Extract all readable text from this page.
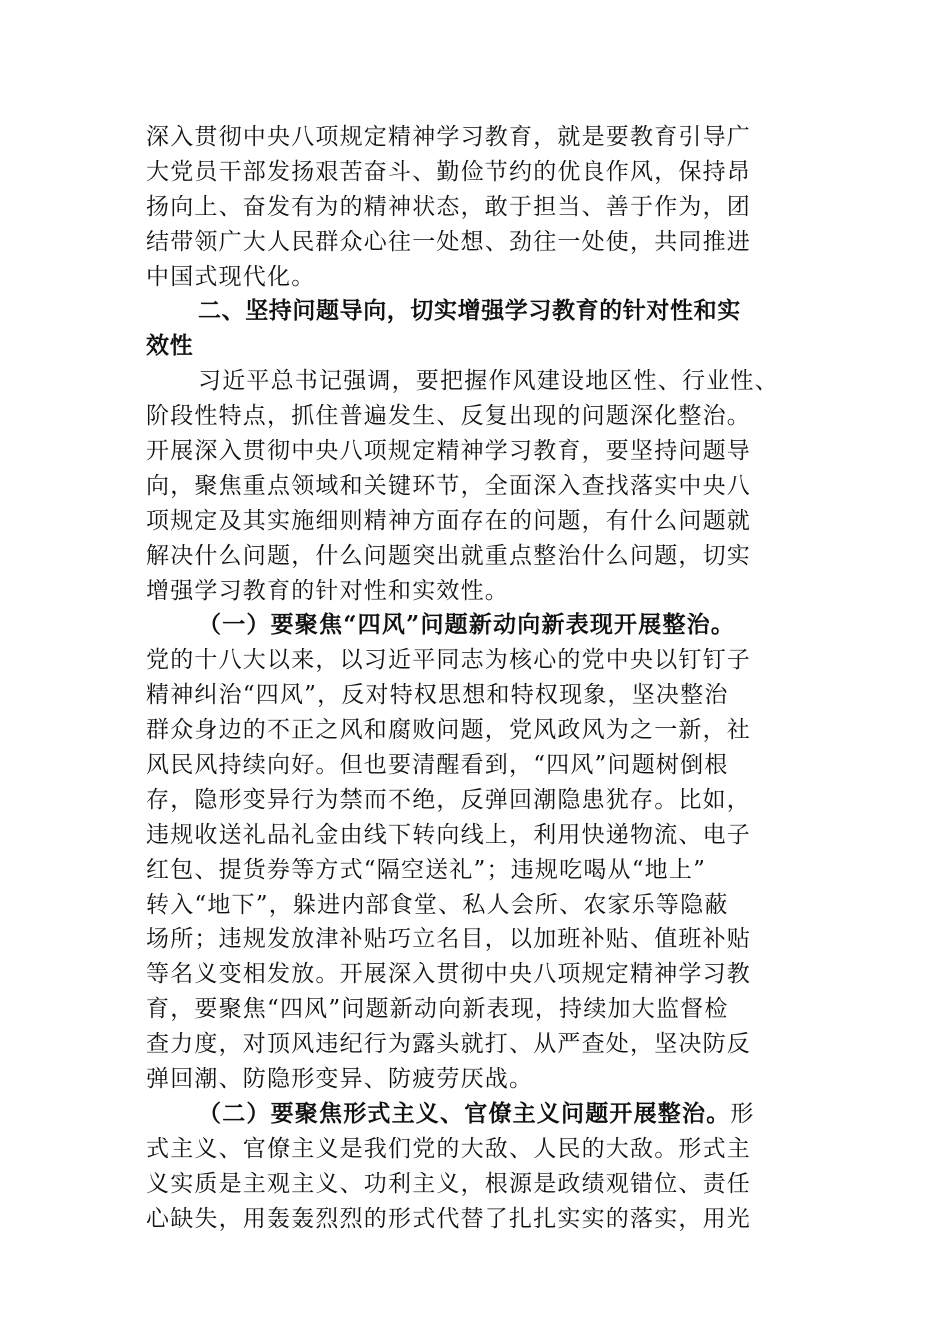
深入贯彻中央八项规定精神学习教育，就是要教育引导广
大党员干部发扬艰苦奋斗、勤俭节约的优良作风，保持昂
扬向上、奋发有为的精神状态，敢于担当、善于作为，团
结带领广大人民群众心往一处想、劲往一处使，共同推进
中国式现代化。
二、坚持问题导向，切实增强学习教育的针对性和实
效性
习近平总书记强调，要把握作风建设地区性、行业性、
阶段性特点，抓住普遍发生、反复出现的问题深化整治。
开展深入贯彻中央八项规定精神学习教育，要坚持问题导
向，聚焦重点领域和关键环节，全面深入查找落实中央八
项规定及其实施细则精神方面存在的问题，有什么问题就
解决什么问题，什么问题突出就重点整治什么问题，切实
增强学习教育的针对性和实效性。
（一）要聚焦“四风”问题新动向新表现开展整治。
党的十八大以来，以习近平同志为核心的党中央以钉钉子
精神纠治“四风”，反对特权思想和特权现象，坚决整治
群众身边的不正之风和腐败问题，党风政风为之一新，社
风民风持续向好。但也要清醒看到，“四风”问题树倒根
存，隐形变异行为禁而不绝，反弹回潮隐患犹存。比如，
违规收送礼品礼金由线下转向线上，利用快递物流、电子
红包、提货券等方式“隔空送礼”；违规吃喝从“地上”
转入“地下”，躲进内部食堂、私人会所、农家乐等隐蔽
场所；违规发放津补贴巧立名目，以加班补贴、值班补贴
等名义变相发放。开展深入贯彻中央八项规定精神学习教
育，要聚焦“四风”问题新动向新表现，持续加大监督检
查力度，对顶风违纪行为露头就打、从严查处，坚决防反
弹回潮、防隐形变异、防疲劳厌战。
（二）要聚焦形式主义、官僚主义问题开展整治。形
式主义、官僚主义是我们党的大敌、人民的大敌。形式主
义实质是主观主义、功利主义，根源是政绩观错位、责任
心缺失，用轰轰烈烈的形式代替了扎扎实实的落实，用光
